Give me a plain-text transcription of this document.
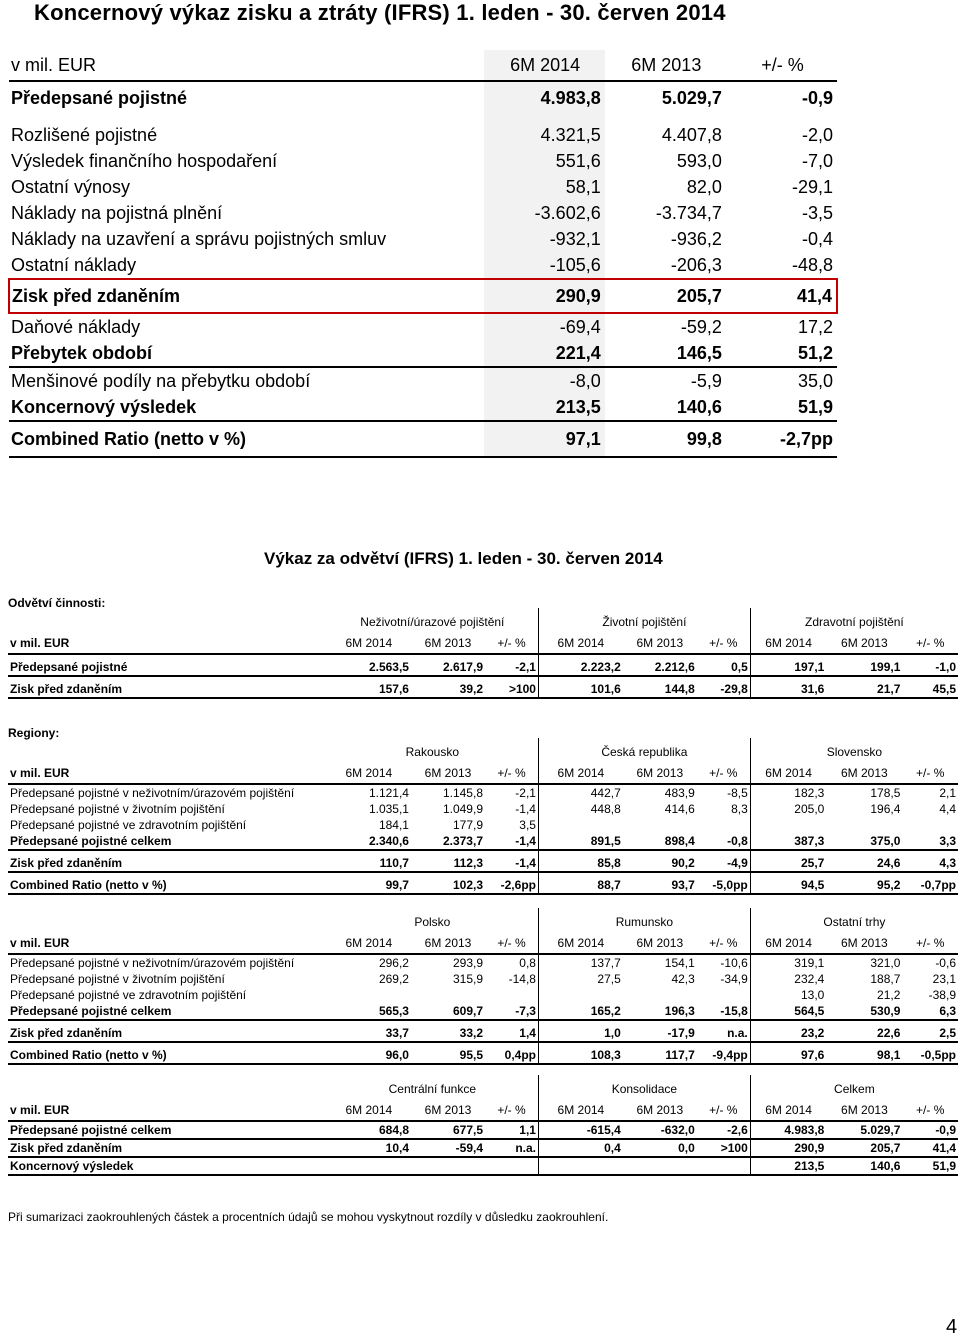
Koncernový výkaz zisku a ztráty (IFRS) 1. leden - 30. červen 2014
v mil. EUR	6M 2014	6M 2013	+/- %
Předepsané pojistné	4.983,8	5.029,7	-0,9

Rozlišené pojistné	4.321,5	4.407,8	-2,0
Výsledek finančního hospodaření	551,6	593,0	-7,0
Ostatní výnosy	58,1	82,0	-29,1
Náklady na pojistná plnění	-3.602,6	-3.734,7	-3,5
Náklady na uzavření a správu pojistných smluv	-932,1	-936,2	-0,4
Ostatní náklady	-105,6	-206,3	-48,8
Zisk před zdaněním	290,9	205,7	41,4
Daňové náklady	-69,4	-59,2	17,2
Přebytek období	221,4	146,5	51,2
Menšinové podíly na přebytku období	-8,0	-5,9	35,0
Koncernový výsledek	213,5	140,6	51,9
Combined Ratio (netto v %)	97,1	99,8	-2,7pp
Výkaz za odvětví (IFRS) 1. leden - 30. červen 2014
Odvětví činnosti:
	Neživotní/úrazové pojištění			Životní pojištění			Zdravotní pojištění		
v mil. EUR	6M 2014	6M 2013	+/- %	6M 2014	6M 2013	+/- %	6M 2014	6M 2013	+/- %
Předepsané pojistné	2.563,5	2.617,9	-2,1	2.223,2	2.212,6	0,5	197,1	199,1	-1,0
Zisk před zdaněním	157,6	39,2	>100	101,6	144,8	-29,8	31,6	21,7	45,5
Regiony:
	Rakousko			Česká republika			Slovensko		
v mil. EUR	6M 2014	6M 2013	+/- %	6M 2014	6M 2013	+/- %	6M 2014	6M 2013	+/- %
Předepsané pojistné v neživotním/úrazovém pojištění	1.121,4	1.145,8	-2,1	442,7	483,9	-8,5	182,3	178,5	2,1
Předepsané pojistné v životním pojištění	1.035,1	1.049,9	-1,4	448,8	414,6	8,3	205,0	196,4	4,4
Předepsané pojistné ve zdravotním pojištění	184,1	177,9	3,5						
Předepsané pojistné celkem	2.340,6	2.373,7	-1,4	891,5	898,4	-0,8	387,3	375,0	3,3
Zisk před zdaněním	110,7	112,3	-1,4	85,8	90,2	-4,9	25,7	24,6	4,3
Combined Ratio (netto v %)	99,7	102,3	-2,6pp	88,7	93,7	-5,0pp	94,5	95,2	-0,7pp
	Polsko			Rumunsko			Ostatní trhy		
v mil. EUR	6M 2014	6M 2013	+/- %	6M 2014	6M 2013	+/- %	6M 2014	6M 2013	+/- %
Předepsané pojistné v neživotním/úrazovém pojištění	296,2	293,9	0,8	137,7	154,1	-10,6	319,1	321,0	-0,6
Předepsané pojistné v životním pojištění	269,2	315,9	-14,8	27,5	42,3	-34,9	232,4	188,7	23,1
Předepsané pojistné ve zdravotním pojištění							13,0	21,2	-38,9
Předepsané pojistné celkem	565,3	609,7	-7,3	165,2	196,3	-15,8	564,5	530,9	6,3
Zisk před zdaněním	33,7	33,2	1,4	1,0	-17,9	n.a.	23,2	22,6	2,5
Combined Ratio (netto v %)	96,0	95,5	0,4pp	108,3	117,7	-9,4pp	97,6	98,1	-0,5pp
	Centrální funkce			Konsolidace			Celkem		
v mil. EUR	6M 2014	6M 2013	+/- %	6M 2014	6M 2013	+/- %	6M 2014	6M 2013	+/- %
Předepsané pojistné celkem	684,8	677,5	1,1	-615,4	-632,0	-2,6	4.983,8	5.029,7	-0,9
Zisk před zdaněním	10,4	-59,4	n.a.	0,4	0,0	>100	290,9	205,7	41,4
Koncernový výsledek							213,5	140,6	51,9
Při sumarizaci zaokrouhlených částek a procentních údajů se mohou vyskytnout rozdíly v důsledku zaokrouhlení.
4
